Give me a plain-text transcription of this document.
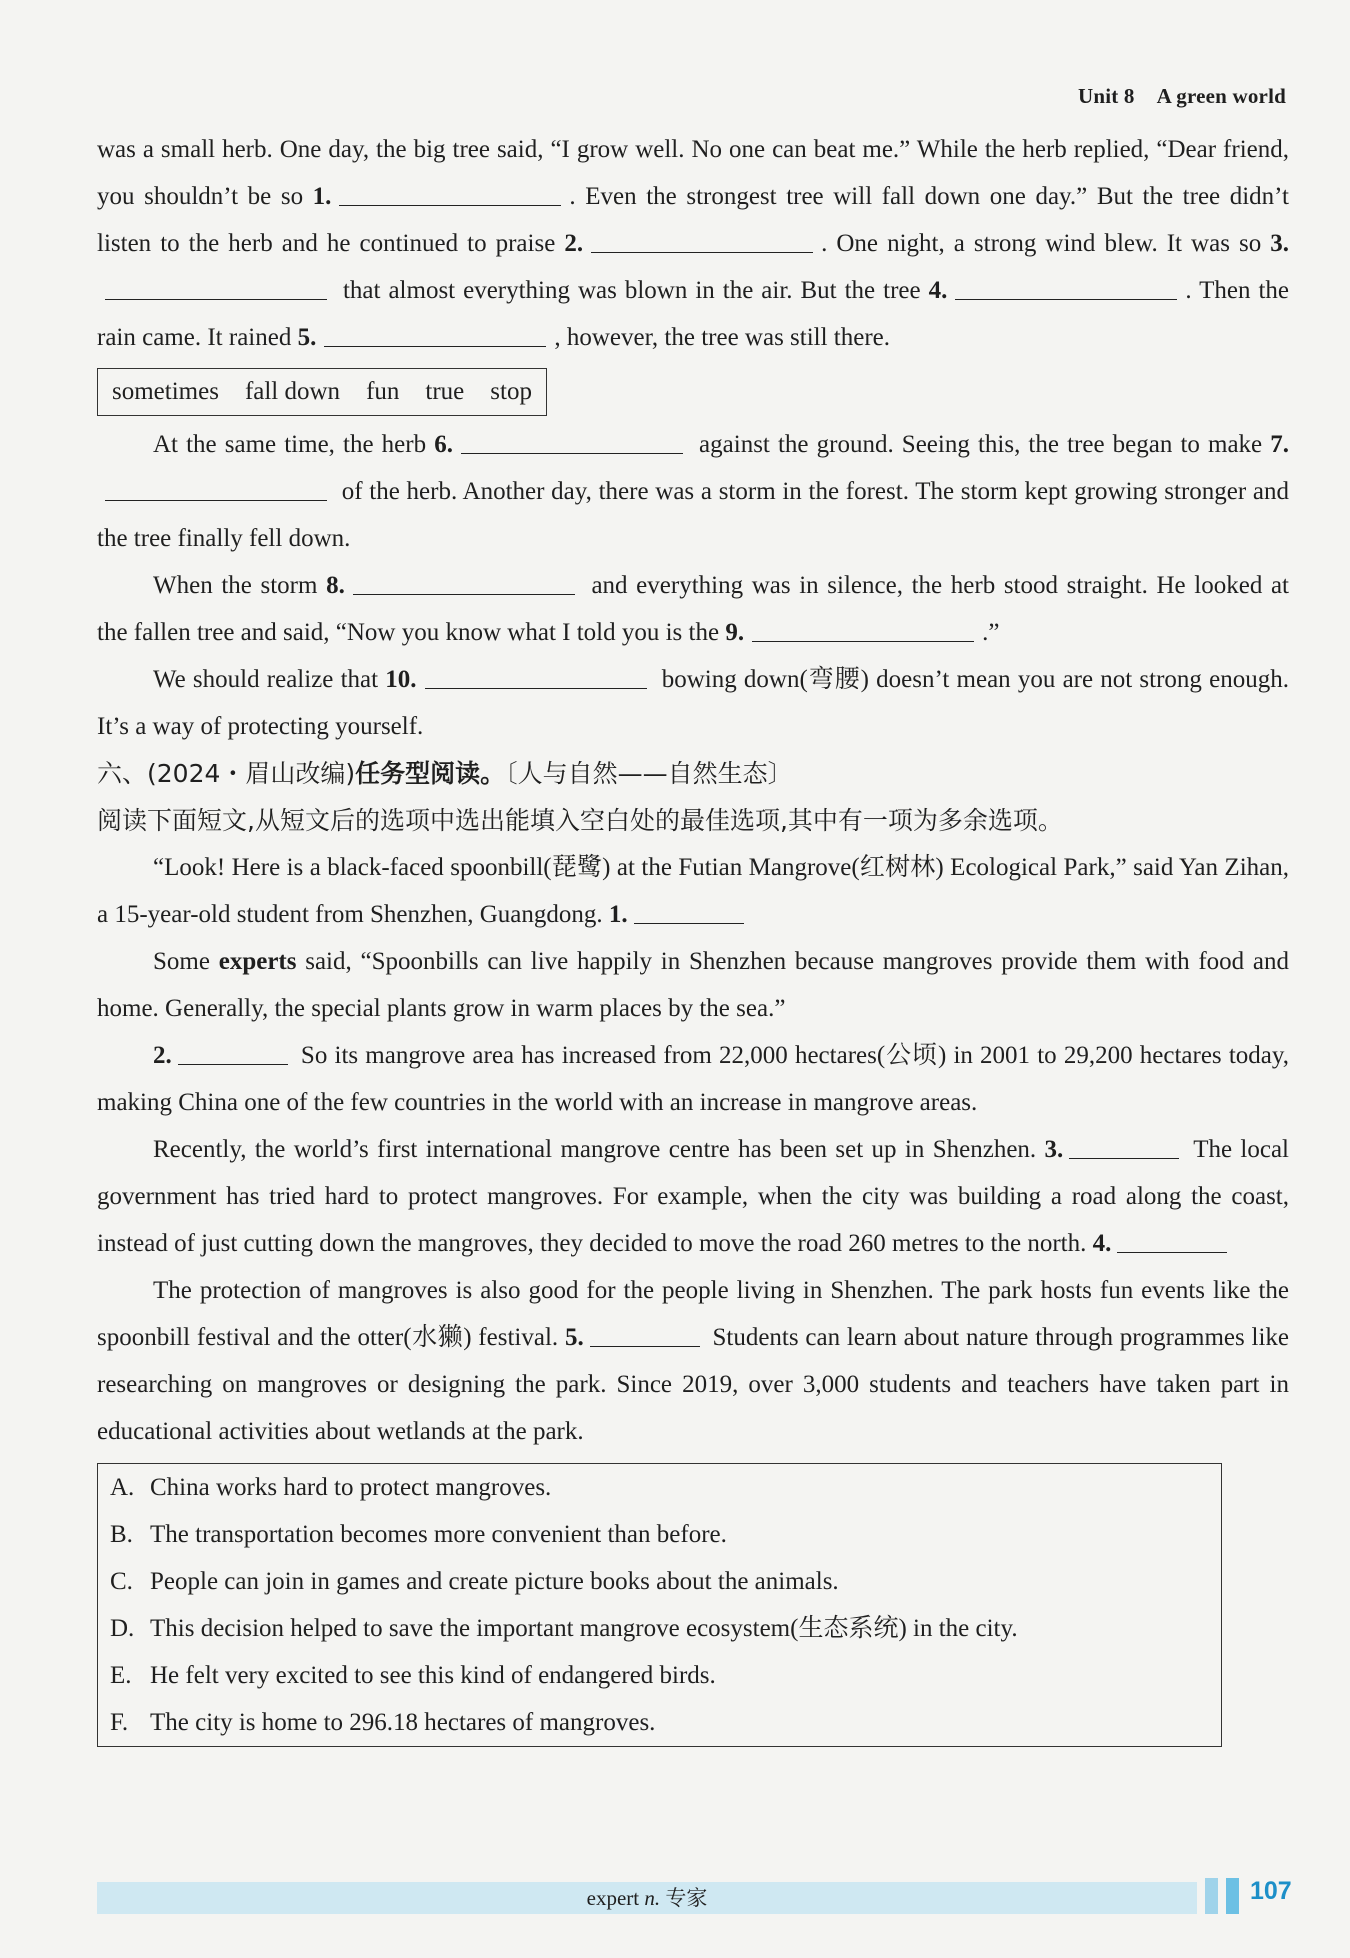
Unit 8 A green world

was a small herb. One day, the big tree said, “I grow well. No one can beat me.” While the herb replied, “Dear friend, you shouldn’t be so 1.	. Even the strongest tree will fall down one day.” But the tree didn’t listen to the herb and he continued to praise 2.	. One night, a strong wind blew. It was so 3. that almost everything was blown in the air. But the tree 4.	. Then the rain came. It rained 5.	, however, the tree was still there.

sometimes fall down fun true stop

At the same time, the herb 6.	against the ground. Seeing this, the tree began to make 7. of the herb. Another day, there was a storm in the forest. The storm kept growing stronger and the tree finally fell down.

When the storm 8.	and everything was in silence, the herb stood straight. He looked at the fallen tree and said, “Now you know what I told you is the 9.	.”

We should realize that 10.	bowing down(弯腰) doesn’t mean you are not strong enough. It’s a way of protecting yourself.

六、(2024・眉山改编)任务型阅读。〔人与自然——自然生态〕

阅读下面短文,从短文后的选项中选出能填入空白处的最佳选项,其中有一项为多余选项。

“Look! Here is a black-faced spoonbill(琵鹭) at the Futian Mangrove(红树林) Ecological Park,” said Yan Zihan, a 15-year-old student from Shenzhen, Guangdong. 1.

Some experts said, “Spoonbills can live happily in Shenzhen because mangroves provide them with food and home. Generally, the special plants grow in warm places by the sea.”

2.	So its mangrove area has increased from 22,000 hectares(公顷) in 2001 to 29,200 hectares today, making China one of the few countries in the world with an increase in mangrove areas.

Recently, the world’s first international mangrove centre has been set up in Shenzhen. 3.	The local government has tried hard to protect mangroves. For example, when the city was building a road along the coast, instead of just cutting down the mangroves, they decided to move the road 260 metres to the north. 4.

The protection of mangroves is also good for the people living in Shenzhen. The park hosts fun events like the spoonbill festival and the otter(水獭) festival. 5.	Students can learn about nature through programmes like researching on mangroves or designing the park. Since 2019, over 3,000 students and teachers have taken part in educational activities about wetlands at the park.

A. China works hard to protect mangroves.
B. The transportation becomes more convenient than before.
C. People can join in games and create picture books about the animals.
D. This decision helped to save the important mangrove ecosystem(生态系统) in the city.
E. He felt very excited to see this kind of endangered birds.
F. The city is home to 296.18 hectares of mangroves.
expert n. 专家	107
